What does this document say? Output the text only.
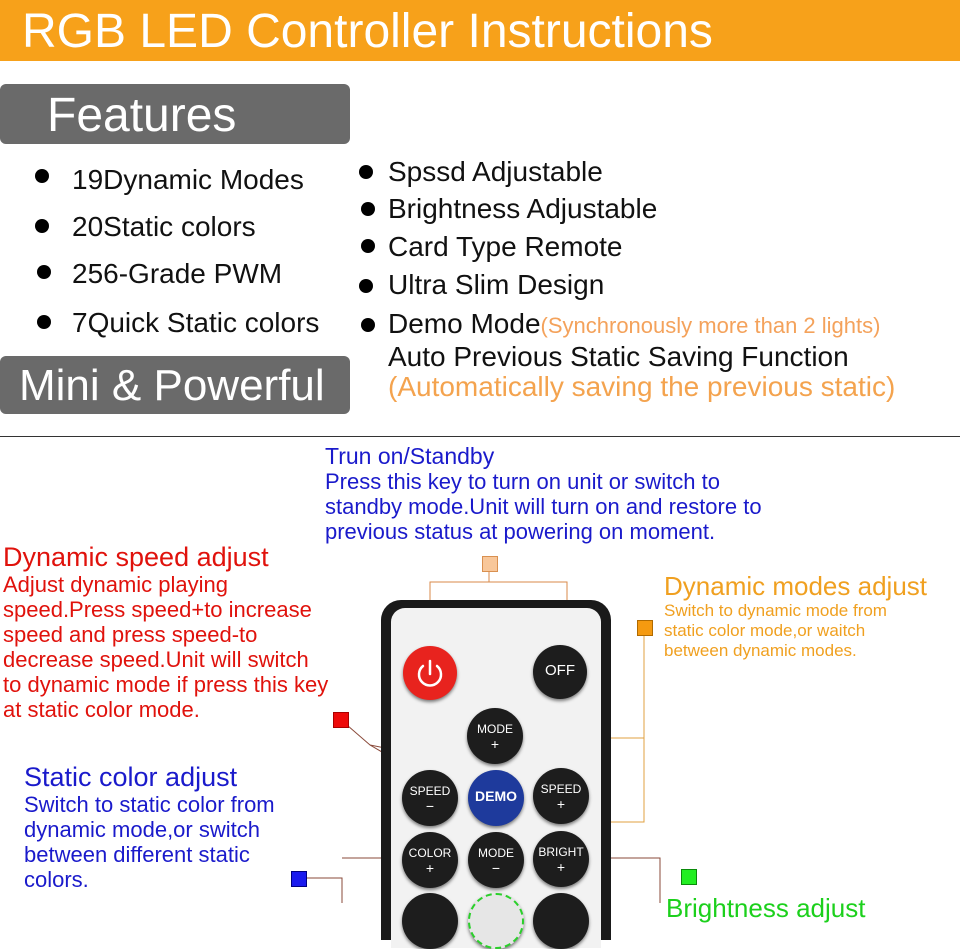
RGB LED Controller Instructions
Features
19Dynamic Modes
20Static colors
256-Grade PWM
7Quick Static colors
Spssd Adjustable
Brightness Adjustable
Card Type Remote
Ultra Slim Design
Demo Mode(Synchronously more than 2 lights)
Auto Previous Static Saving Function
(Automatically saving the previous static)
Mini & Powerful
Trun on/Standby
Press this key to turn on unit or switch to
standby mode.Unit will turn on and restore to
previous status at powering on moment.
Dynamic speed adjust
Adjust dynamic playing
speed.Press speed+to increase
speed and press speed-to
decrease speed.Unit will switch
to dynamic mode if press this key
at static color mode.
Dynamic modes adjust
Switch to dynamic mode from
static color mode,or waitch
between dynamic modes.
Static color adjust
Switch to static color from
dynamic mode,or switch
between different static
colors.
Brightness adjust
OFF
MODE
+
SPEED
−
DEMO	SPEED
+
COLOR
+
MODE
−
BRIGHT
+
